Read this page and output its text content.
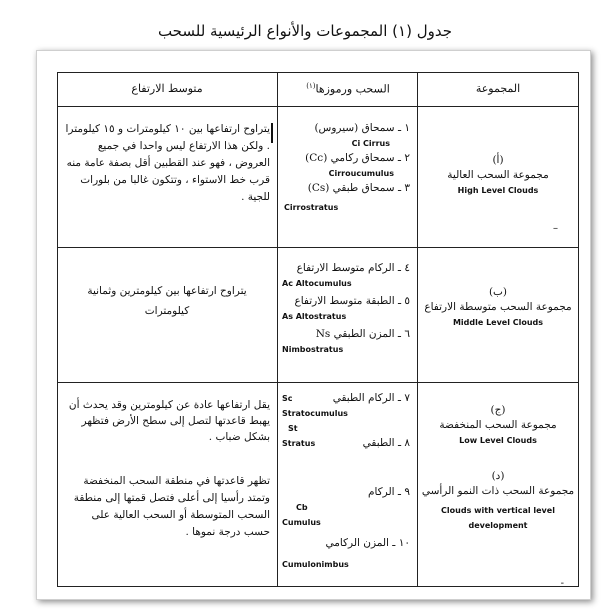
جدول (١) المجموعات والأنواع الرئيسية للسحب
المجموعة
السحب ورموزها$^{(١)}$
متوسط الارتفاع
(أ)
مجموعة السحب العالية
High Level Clouds
١ ـ سمحاق (سيروس)
Ci Cirrus
٢ ـ سمحاق ركامي (Cc)
Cirroucumulus
٣ ـ سمحاق طبقي (Cs)
Cirrostratus
يتراوح ارتفاعها بين ١٠ كيلومترات و ١٥ كيلومترا . ولكن هذا الارتفاع ليس واحدا في جميع العروض ، فهو عند القطبين أقل بصفة عامة منه قرب خط الاستواء ، وتتكون غالبا من بلورات للجية .
(ب)
مجموعة السحب متوسطة الارتفاع
Middle Level Clouds
٤ ـ الركام متوسط الارتفاع
Ac Altocumulus
٥ ـ الطبقة متوسط الارتفاع
As Altostratus
٦ ـ المزن الطبقي Ns
Nimbostratus
يتراوح ارتفاعها بين كيلومترين وثمانية كيلومترات
(ج)
مجموعة السحب المنخفضة
Low Level Clouds
(د)
مجموعة السحب ذات النمو الرأسي
Clouds with vertical level
development
٧ ـ الركام الطبقي
Sc
Stratocumulus
St
٨ ـ الطبقي
Stratus
٩ ـ الركام
Cb
Cumulus
١٠ ـ المزن الركامي
Cumulonimbus
يقل ارتفاعها عادة عن كيلومترين وقد يحدث أن يهبط قاعدتها لتصل إلى سطح الأرض فتظهر بشكل ضباب .
تظهر قاعدتها في منطقة السحب المنخفضة وتمتد رأسيا إلى أعلى فتصل قمتها إلى منطقة السحب المتوسطة أو السحب العالية على حسب درجة نموها .
–
-
